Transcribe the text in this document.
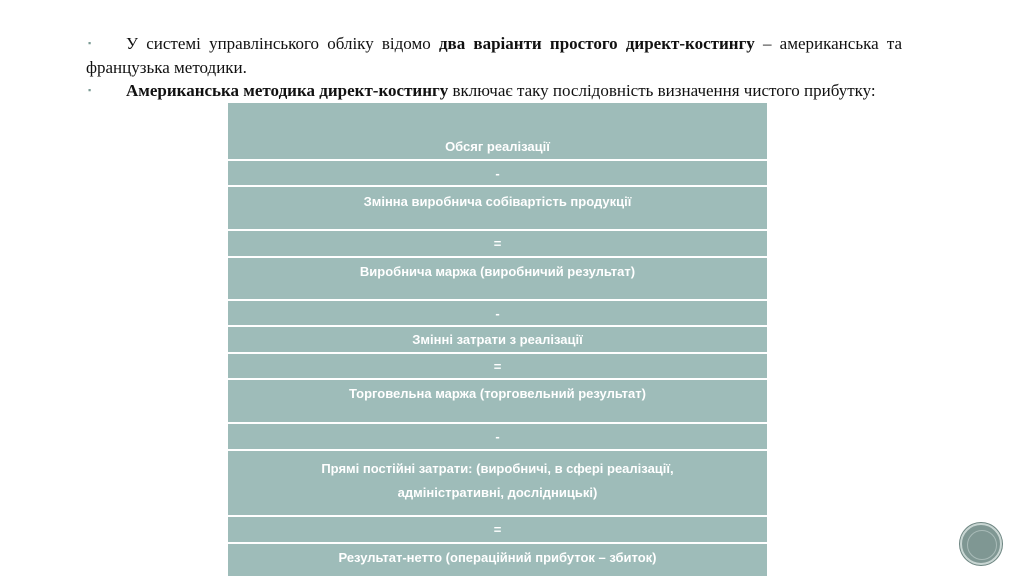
▪ У системі управлінського обліку відомо два варіанти простого директ-костингу – американська та французька методики.
▪ Американська методика директ-костингу включає таку послідовність визначення чистого прибутку:
Обсяг реалізації
-
Змінна виробнича собівартість продукції
=
Виробнича маржа (виробничий результат)
-
Змінні затрати з реалізації
=
Торговельна маржа (торговельний результат)
-
Прямі постійні затрати: (виробничі, в сфері реалізації,
адміністративні, дослідницькі)
=
Результат-нетто (операційний прибуток – збиток)
